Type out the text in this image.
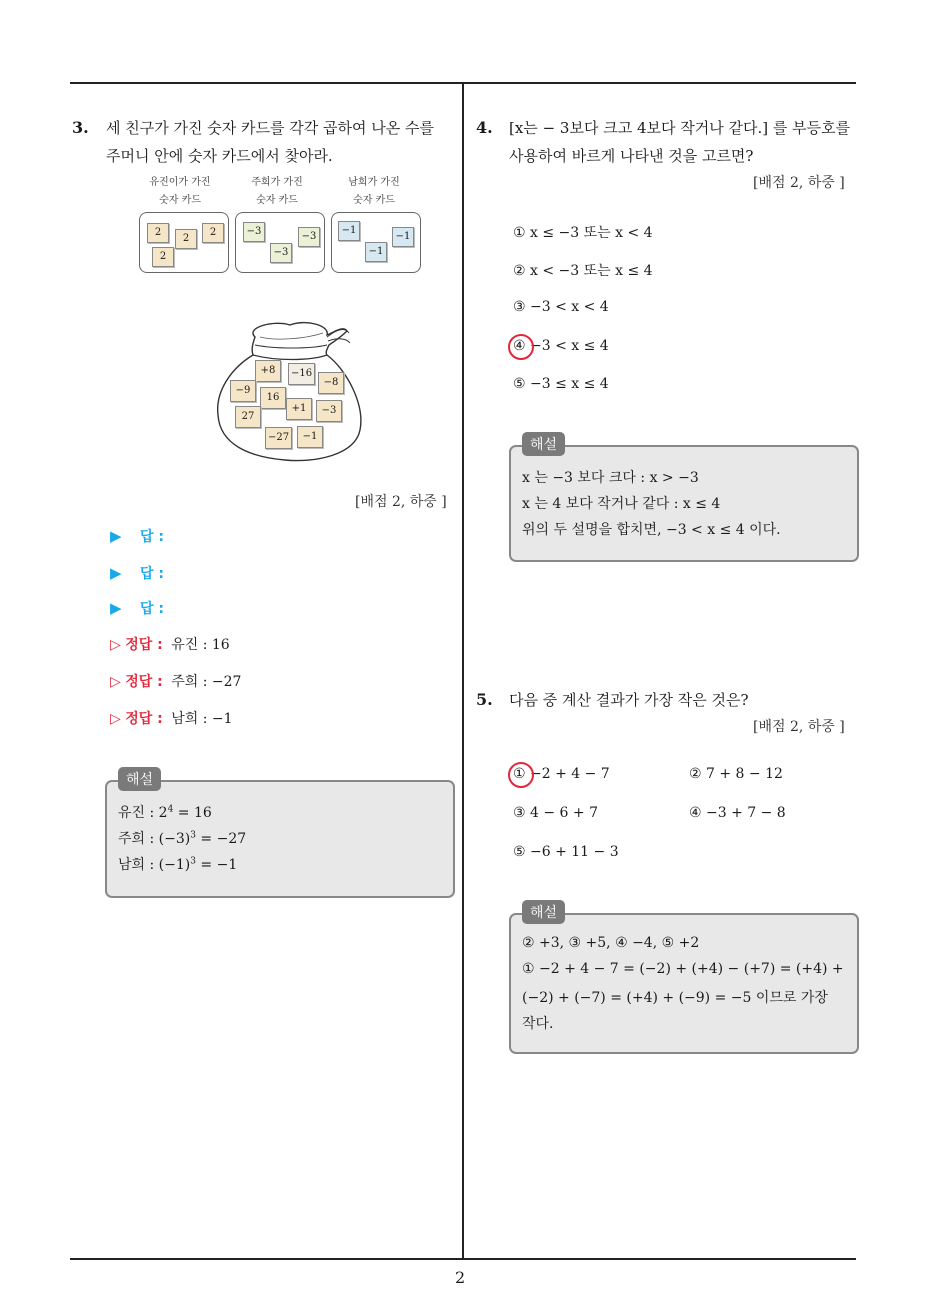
2
3. 세 친구가 가진 숫자 카드를 각각 곱하여 나온 수를
주머니 안에 숫자 카드에서 찾아라.
유진이가 가진
숫자 카드
주희가 가진
숫자 카드
남희가 가진
숫자 카드
2
2
2
2
−3	−3
−3
−1
−1
−1
+8	−16
−8
−9
16
27
+1	−3
−27	−1
[배점 2, 하중 ]
▶ 답 :
▶ 답 :
▶ 답 :
▷ 정답 : 유진 : 16
▷ 정답 : 주희 : −27
▷ 정답 : 남희 : −1
해설
유진 : $2^4 = 16$
주희 : $(-3)^3 = -27$
남희 : $(-1)^3 = -1$
4. [x는 − 3보다 크고 4보다 작거나 같다.] 를 부등호를
사용하여 바르게 나타낸 것을 고르면?
[배점 2, 하중 ]
① x ≤ −3 또는 x < 4
② x < −3 또는 x ≤ 4
③ −3 < x < 4
④ −3 < x ≤ 4
⑤ −3 ≤ x ≤ 4
해설
x 는 −3 보다 크다 : x > −3
x 는 4 보다 작거나 같다 : x ≤ 4
위의 두 설명을 합치면, −3 < x ≤ 4 이다.
5. 다음 중 계산 결과가 가장 작은 것은?
[배점 2, 하중 ]
① −2 + 4 − 7	② 7 + 8 − 12
③ 4 − 6 + 7	④ −3 + 7 − 8
⑤ −6 + 11 − 3
해설
② +3, ③ +5, ④ −4, ⑤ +2
① −2 + 4 − 7 = (−2) + (+4) − (+7) = (+4) +
(−2) + (−7) = (+4) + (−9) = −5 이므로 가장
작다.
